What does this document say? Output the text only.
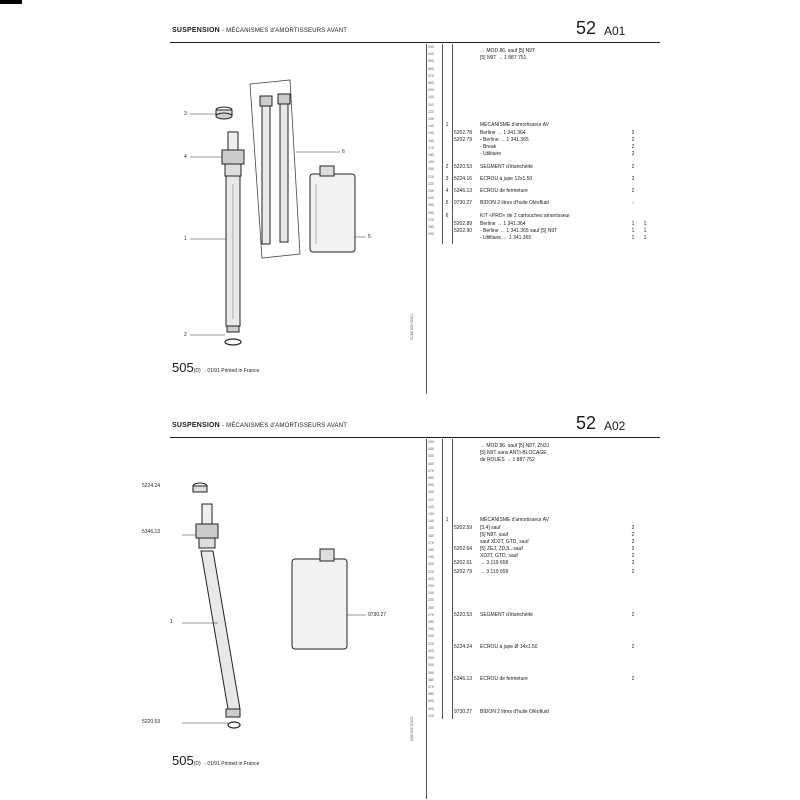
SUSPENSION - MÉCANISMES d'AMORTISSEURS AVANT	52 A01
3
4
1
2
6
5
01/88 505 52401
030
040
050
060
070
080
090
100
110
120
130
140
150
160
170
180
190
200
210
220
230
240
250
260
270
280
290
→ MOD 86. sauf [5] N9T
[5] N9T → 1 887 751
1	MÉCANISME d'amortisseur AV
5202.78	Berline → 1 341.364	2
5202.79	- Berline → 1 341.365	2
- Break	2
- Utilitaire	2
2	5220.53	SEGMENT d'étanchéité	2
3	5224.16	ECROU à jupe 12x1.50	2
4	5346.13	ECROU de fermeture	2
5	9730.27	BIDON 2 litres d'huile Oléofluid	-
6	KIT «PRO» de 2 cartouches amortisseur
5202.89	Berline → 1 341.364	1	1
5202.90	- Berline ← 1 341.365 sauf [5] N9T	1	1
- Utilitaire ← 1 341.365	1	1
505(D) - 01/91 Printed in France
SUSPENSION - MÉCANISMES d'AMORTISSEURS AVANT	52 A02
5224.24
5346.13
1
5220.53
9730.27
8/86 505 52402
030
040
050
060
070
080
090
100
110
120
130
140
150
160
170
180
190
200
210
220
230
240
250
260
270
280
290
300
310
320
330
340
350
360
370
380
390
400
410
→ MOD 86. sauf [5] N9T, ZN3J
[5] N9T sans ANTI-BLOCAGE
de ROUES → 1 887 752
1	MÉCANISME d'amortisseur AV
5202.59	[3,4] sauf	2
[5] N9T. sauf	2
sauf XD3T, GTD, sauf	2
5202.64	[5] ZEJ, ZDJL, sauf	2
XD3T, GTD, sauf	2
5202.61	→ 3 119 658	2
5202.79	→ 3 119 659	2
5220.53	SEGMENT d'étanchéité	2
5224.24	ECROU à jupe Ø 14x1.50	2
5346.13	ECROU de fermeture	2
9730.27	BIDON 2 litres d'huile Oléofluid
505(D) - 01/91 Printed in France
